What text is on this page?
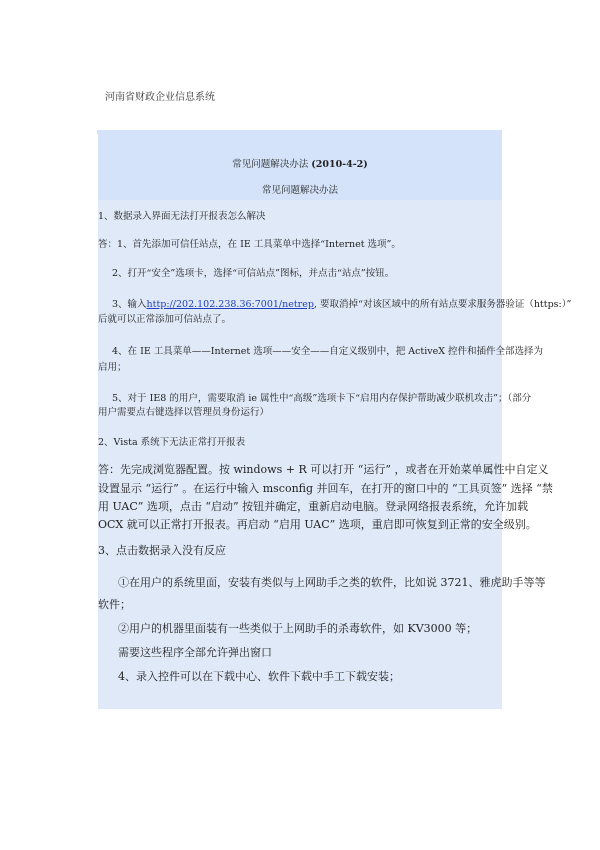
河南省财政企业信息系统
常见问题解决办法 (2010-4-2)
常见问题解决办法
1、数据录入界面无法打开报表怎么解决
答：1、首先添加可信任站点，在 IE 工具菜单中选择“Internet 选项”。
2、打开“安全”选项卡，选择“可信站点”图标，并点击“站点”按钮。
3、输入http://202.102.238.36:7001/netrep, 要取消掉“对该区域中的所有站点要求服务器验证（https:）”
后就可以正常添加可信站点了。
4、在 IE 工具菜单——Internet 选项——安全——自定义级别中，把 ActiveX 控件和插件全部选择为
启用；
5、对于 IE8 的用户，需要取消 ie 属性中“高级”选项卡下“启用内存保护帮助减少联机攻击”；（部分
用户需要点右键选择以管理员身份运行）
2、Vista 系统下无法正常打开报表
答：先完成浏览器配置。按 windows + R 可以打开 “运行” ，或者在开始菜单属性中自定义
设置显示 “运行” 。在运行中输入 msconfig 并回车，在打开的窗口中的 “工具页签” 选择 “禁
用 UAC” 选项，点击 “启动” 按钮并确定，重新启动电脑。登录网络报表系统，允许加载
OCX 就可以正常打开报表。再启动 “启用 UAC” 选项，重启即可恢复到正常的安全级别。
3、点击数据录入没有反应
①在用户的系统里面，安装有类似与上网助手之类的软件，比如说 3721、雅虎助手等等
软件；
②用户的机器里面装有一些类似于上网助手的杀毒软件，如 KV3000 等；
需要这些程序全部允许弹出窗口
4、录入控件可以在下载中心、软件下载中手工下载安装；
